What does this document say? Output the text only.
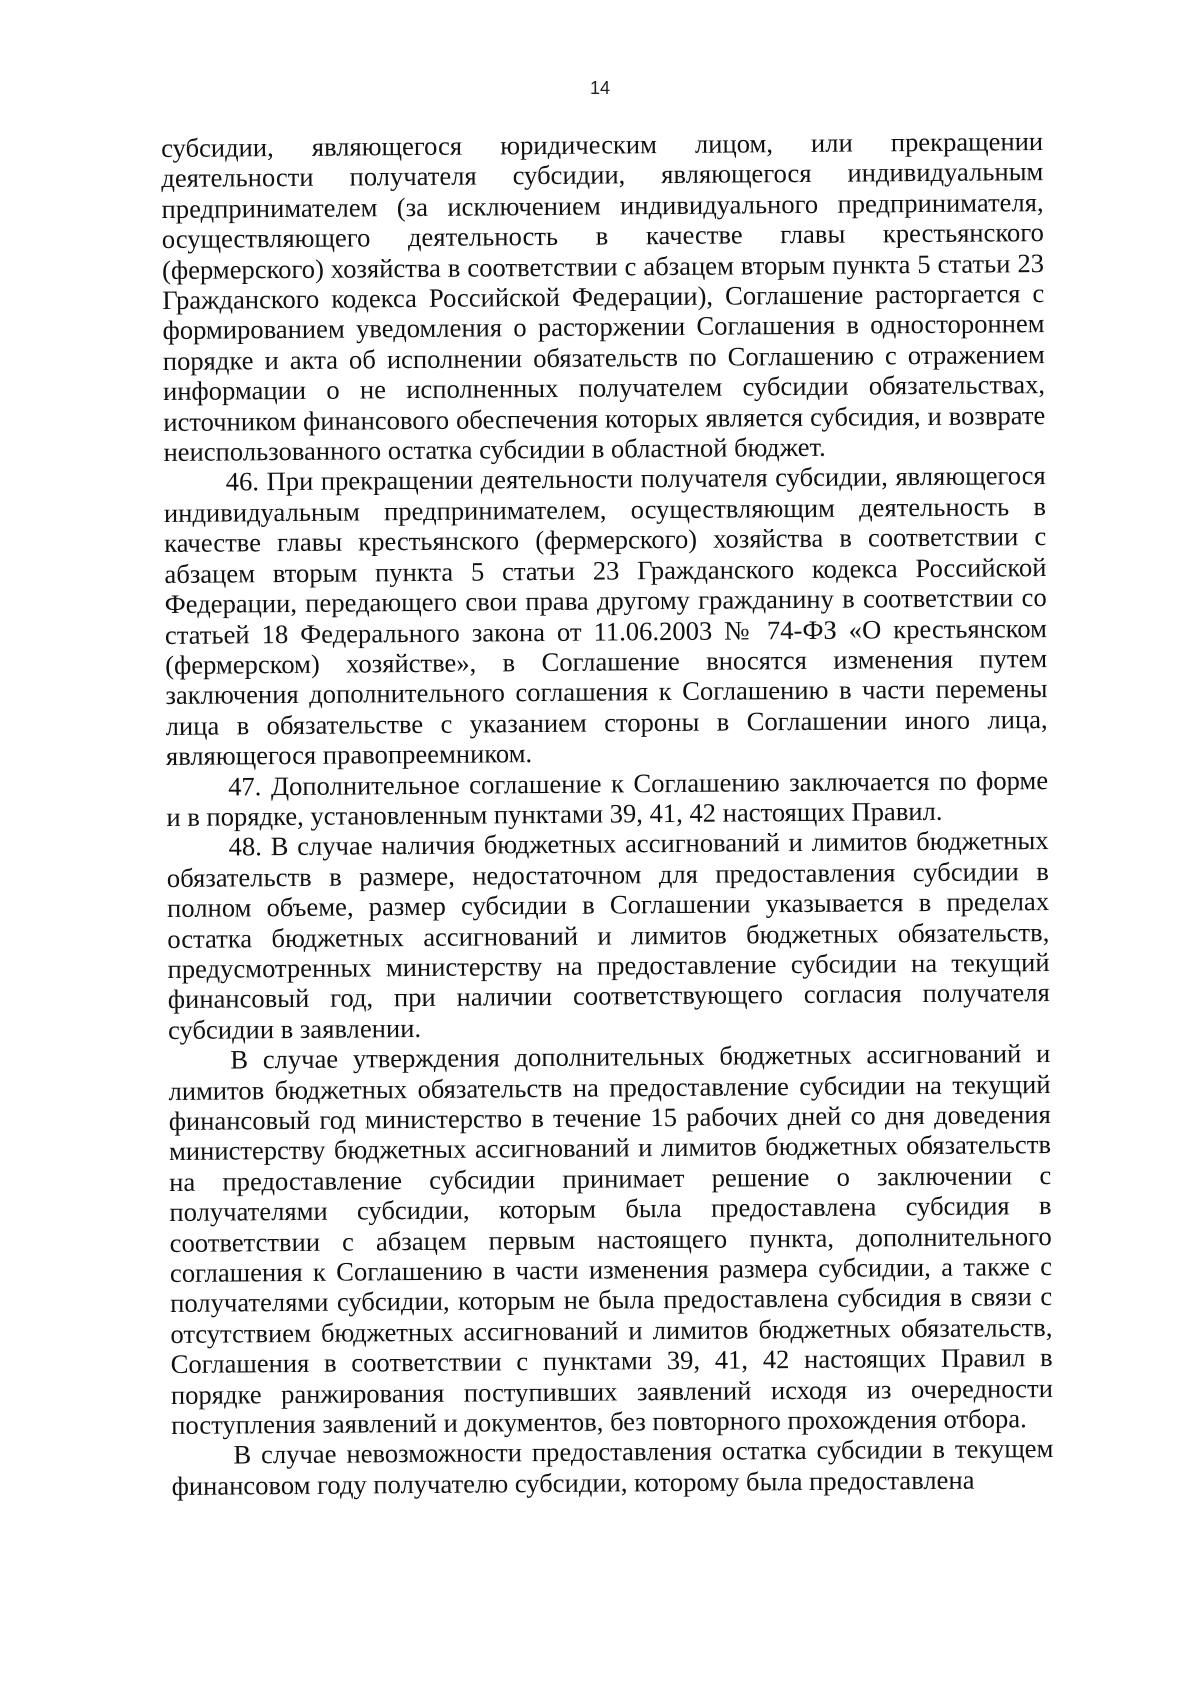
14

субсидии, являющегося юридическим лицом, или прекращении деятельности получателя субсидии, являющегося индивидуальным предпринимателем (за исключением индивидуального предпринимателя, осуществляющего деятельность в качестве главы крестьянского (фермерского) хозяйства в соответствии с абзацем вторым пункта 5 статьи 23 Гражданского кодекса Российской Федерации), Соглашение расторгается с формированием уведомления о расторжении Соглашения в одностороннем порядке и акта об исполнении обязательств по Соглашению с отражением информации о не исполненных получателем субсидии обязательствах, источником финансового обеспечения которых является субсидия, и возврате неиспользованного остатка субсидии в областной бюджет.

46. При прекращении деятельности получателя субсидии, являющегося индивидуальным предпринимателем, осуществляющим деятельность в качестве главы крестьянского (фермерского) хозяйства в соответствии с абзацем вторым пункта 5 статьи 23 Гражданского кодекса Российской Федерации, передающего свои права другому гражданину в соответствии со статьей 18 Федерального закона от 11.06.2003 № 74-ФЗ «О крестьянском (фермерском) хозяйстве», в Соглашение вносятся изменения путем заключения дополнительного соглашения к Соглашению в части перемены лица в обязательстве с указанием стороны в Соглашении иного лица, являющегося правопреемником.

47. Дополнительное соглашение к Соглашению заключается по форме и в порядке, установленным пунктами 39, 41, 42 настоящих Правил.

48. В случае наличия бюджетных ассигнований и лимитов бюджетных обязательств в размере, недостаточном для предоставления субсидии в полном объеме, размер субсидии в Соглашении указывается в пределах остатка бюджетных ассигнований и лимитов бюджетных обязательств, предусмотренных министерству на предоставление субсидии на текущий финансовый год, при наличии соответствующего согласия получателя субсидии в заявлении.

В случае утверждения дополнительных бюджетных ассигнований и лимитов бюджетных обязательств на предоставление субсидии на текущий финансовый год министерство в течение 15 рабочих дней со дня доведения министерству бюджетных ассигнований и лимитов бюджетных обязательств на предоставление субсидии принимает решение о заключении с получателями субсидии, которым была предоставлена субсидия в соответствии с абзацем первым настоящего пункта, дополнительного соглашения к Соглашению в части изменения размера субсидии, а также с получателями субсидии, которым не была предоставлена субсидия в связи с отсутствием бюджетных ассигнований и лимитов бюджетных обязательств, Соглашения в соответствии с пунктами 39, 41, 42 настоящих Правил в порядке ранжирования поступивших заявлений исходя из очередности поступления заявлений и документов, без повторного прохождения отбора.

В случае невозможности предоставления остатка субсидии в текущем финансовом году получателю субсидии, которому была предоставлена
